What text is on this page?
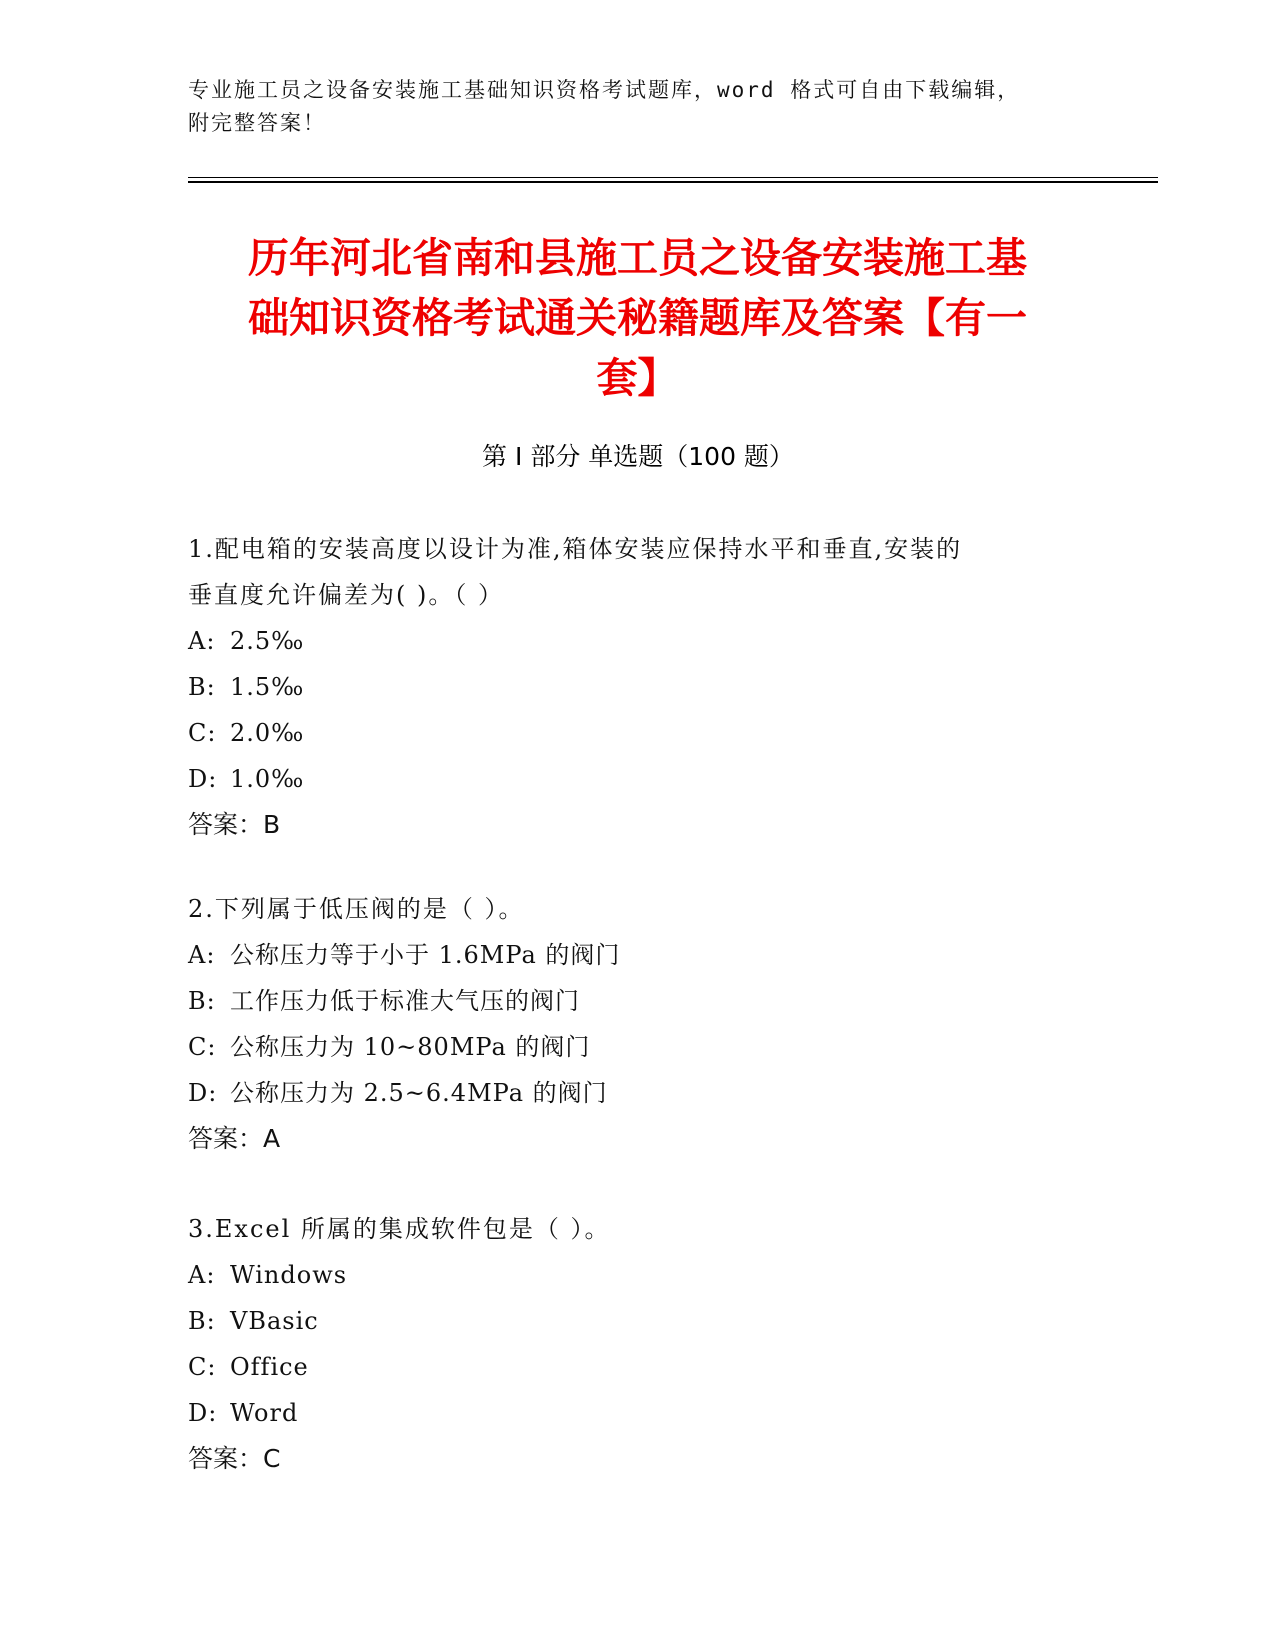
专业施工员之设备安装施工基础知识资格考试题库，word 格式可自由下载编辑，
附完整答案！
历年河北省南和县施工员之设备安装施工基
础知识资格考试通关秘籍题库及答案【有一
套】
第 I 部分 单选题（100 题）
1.配电箱的安装高度以设计为准,箱体安装应保持水平和垂直,安装的
垂直度允许偏差为( )。（ ）
A: 2.5‰
B: 1.5‰
C: 2.0‰
D: 1.0‰
答案：B
2.下列属于低压阀的是（ ）。
A: 公称压力等于小于 1.6MPa 的阀门
B: 工作压力低于标准大气压的阀门
C: 公称压力为 10~80MPa 的阀门
D: 公称压力为 2.5~6.4MPa 的阀门
答案：A
3.Excel 所属的集成软件包是（ ）。
A: Windows
B: VBasic
C: Office
D: Word
答案：C
